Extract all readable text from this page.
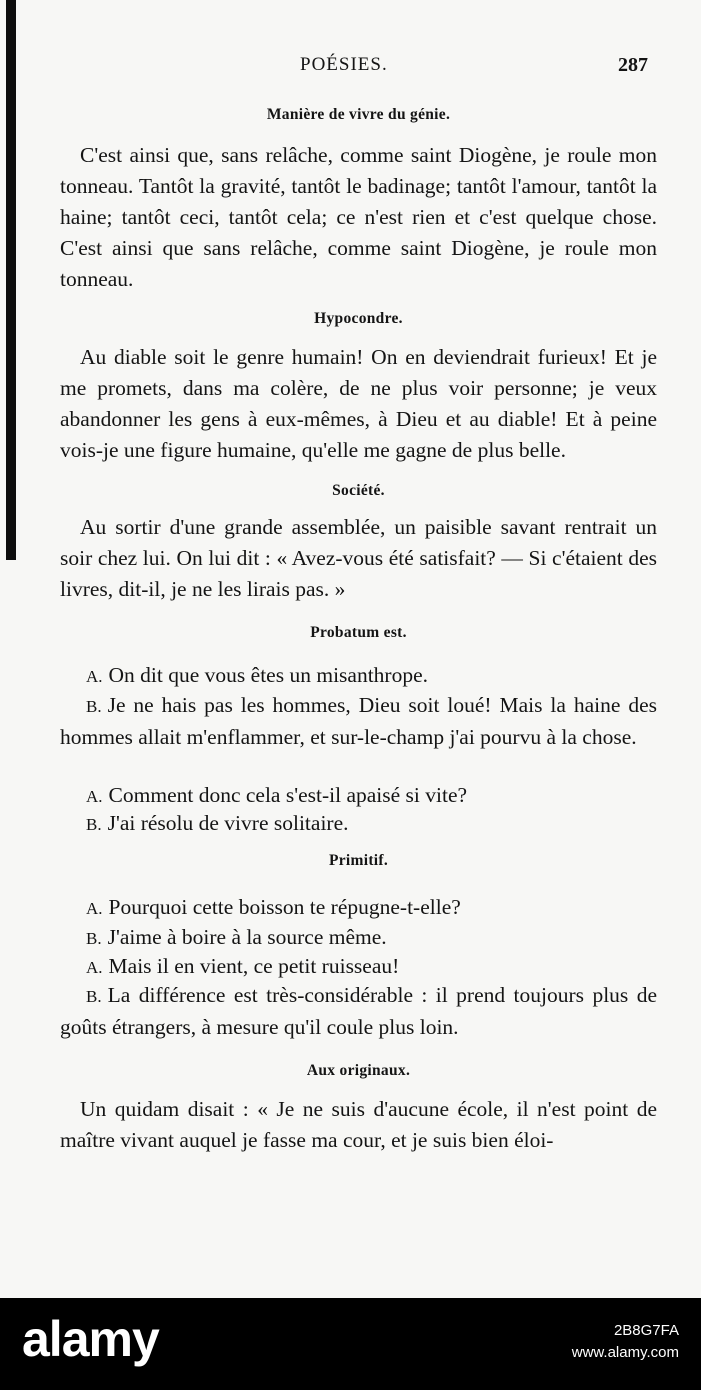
POÉSIES.	287
Manière de vivre du génie.
C'est ainsi que, sans relâche, comme saint Diogène, je roule mon tonneau. Tantôt la gravité, tantôt le badinage; tantôt l'amour, tantôt la haine; tantôt ceci, tantôt cela; ce n'est rien et c'est quelque chose. C'est ainsi que sans relâche, comme saint Diogène, je roule mon tonneau.
Hypocondre.
Au diable soit le genre humain! On en deviendrait furieux! Et je me promets, dans ma colère, de ne plus voir personne; je veux abandonner les gens à eux-mêmes, à Dieu et au diable! Et à peine vois-je une figure humaine, qu'elle me gagne de plus belle.
Société.
Au sortir d'une grande assemblée, un paisible savant rentrait un soir chez lui. On lui dit : « Avez-vous été satisfait? — Si c'étaient des livres, dit-il, je ne les lirais pas. »
Probatum est.
A. On dit que vous êtes un misanthrope.
B. Je ne hais pas les hommes, Dieu soit loué! Mais la haine des hommes allait m'enflammer, et sur-le-champ j'ai pourvu à la chose.
A. Comment donc cela s'est-il apaisé si vite?
B. J'ai résolu de vivre solitaire.
Primitif.
A. Pourquoi cette boisson te répugne-t-elle?
B. J'aime à boire à la source même.
A. Mais il en vient, ce petit ruisseau!
B. La différence est très-considérable : il prend toujours plus de goûts étrangers, à mesure qu'il coule plus loin.
Aux originaux.
Un quidam disait : « Je ne suis d'aucune école, il n'est point de maître vivant auquel je fasse ma cour, et je suis bien éloi-
alamy	2B8G7FA
www.alamy.com
